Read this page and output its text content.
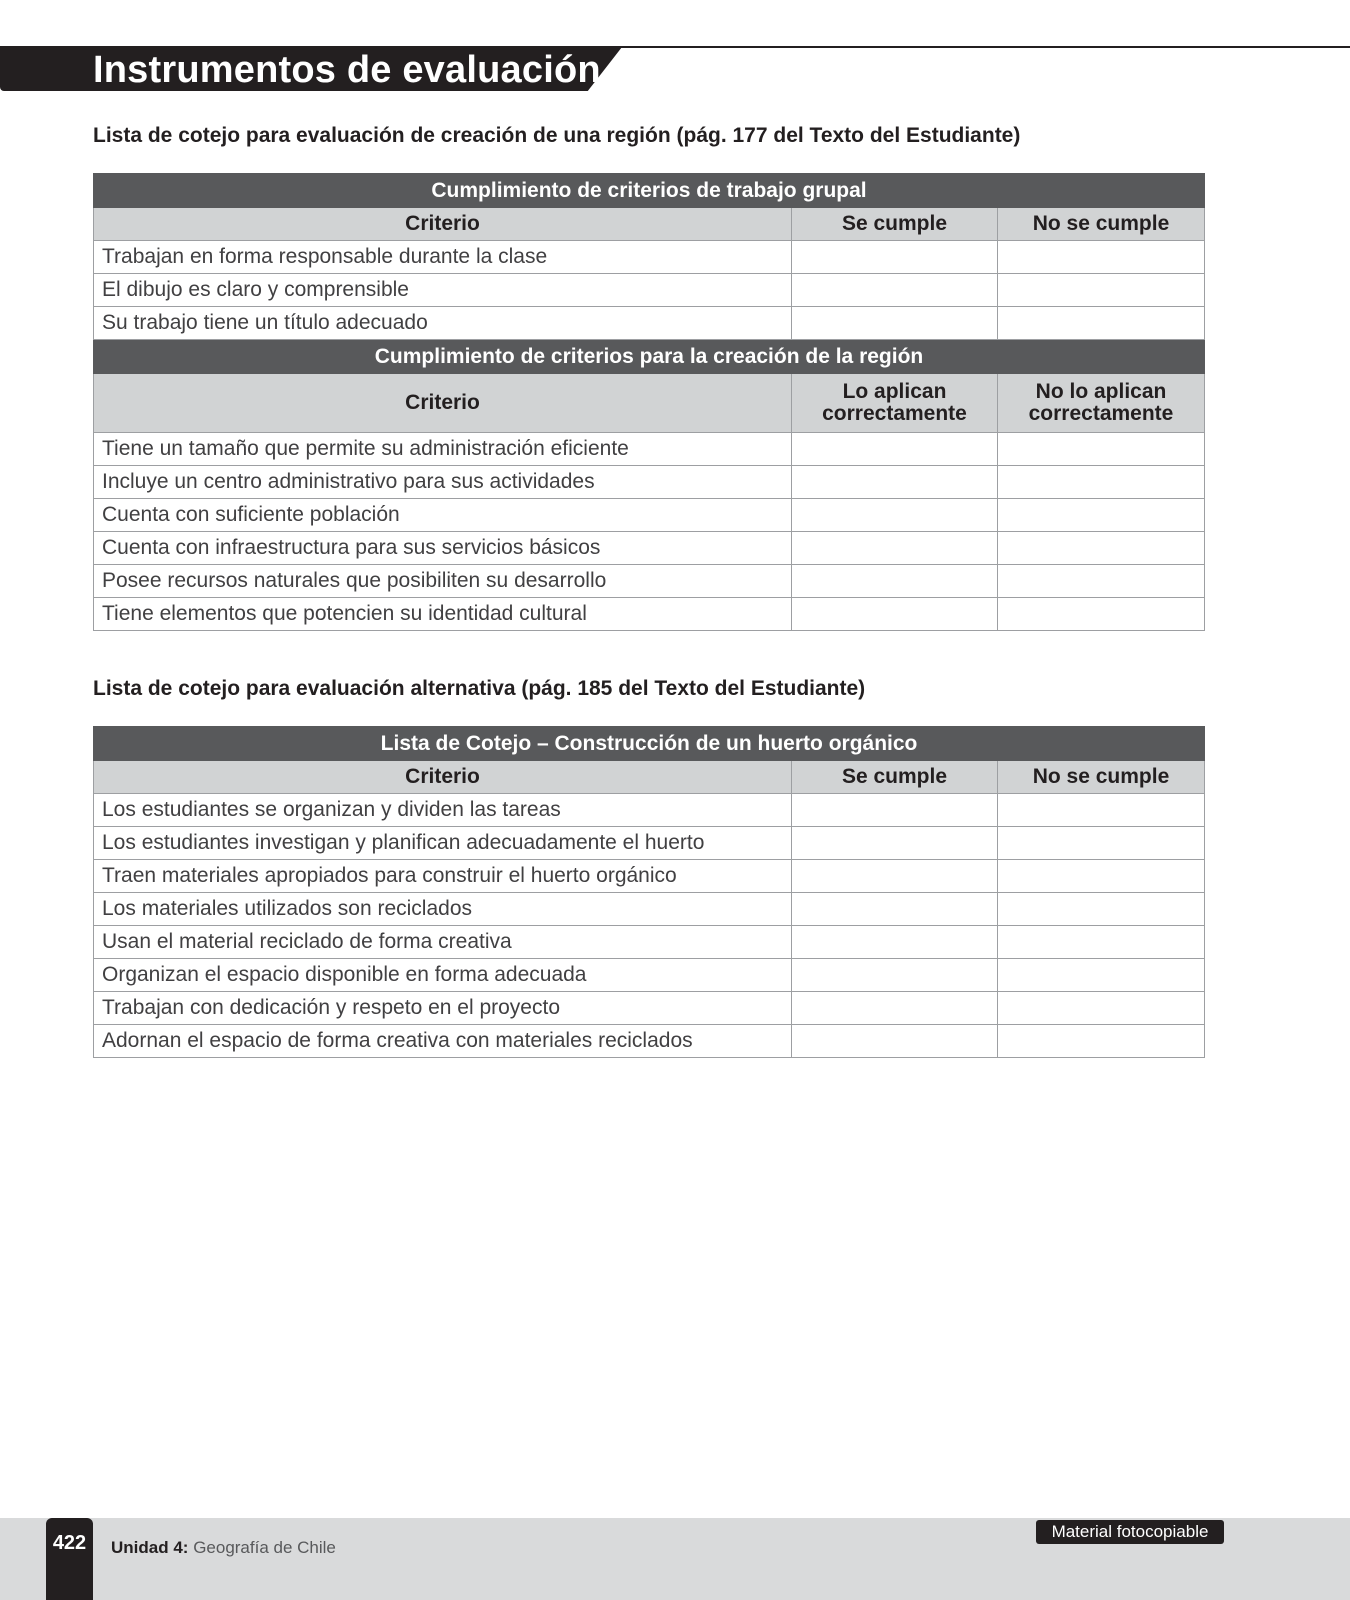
Instrumentos de evaluación
Lista de cotejo para evaluación de creación de una región (pág. 177 del Texto del Estudiante)
Cumplimiento de criterios de trabajo grupal		
Criterio	Se cumple	No se cumple
Trabajan en forma responsable durante la clase		
El dibujo es claro y comprensible		
Su trabajo tiene un título adecuado		
Cumplimiento de criterios para la creación de la región		
Criterio	Lo aplican correctamente	No lo aplican correctamente
Tiene un tamaño que permite su administración eficiente		
Incluye un centro administrativo para sus actividades		
Cuenta con suficiente población		
Cuenta con infraestructura para sus servicios básicos		
Posee recursos naturales que posibiliten su desarrollo		
Tiene elementos que potencien su identidad cultural		
Lista de cotejo para evaluación alternativa (pág. 185 del Texto del Estudiante)
Lista de Cotejo – Construcción de un huerto orgánico		
Criterio	Se cumple	No se cumple
Los estudiantes se organizan y dividen las tareas		
Los estudiantes investigan y planifican adecuadamente el huerto		
Traen materiales apropiados para construir el huerto orgánico		
Los materiales utilizados son reciclados		
Usan el material reciclado de forma creativa		
Organizan el espacio disponible en forma adecuada		
Trabajan con dedicación y respeto en el proyecto		
Adornan el espacio de forma creativa con materiales reciclados		
422	Unidad 4: Geografía de Chile
Material fotocopiable
